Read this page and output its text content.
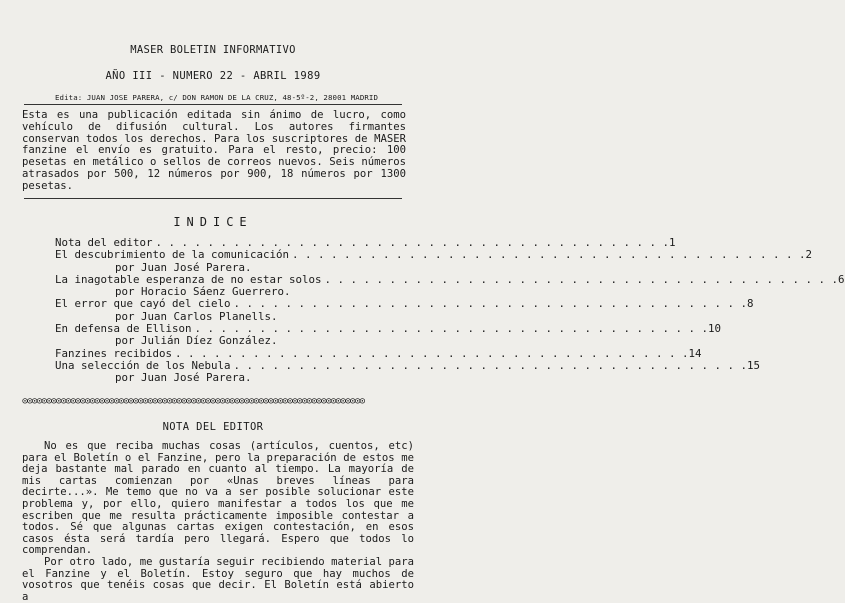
MASER BOLETIN INFORMATIVO
AÑO III - NUMERO 22 - ABRIL 1989
Edita: JUAN JOSE PARERA, c/ DON RAMON DE LA CRUZ, 48-5º-2, 28001 MADRID

Esta es una publicación editada sin ánimo de lucro, como vehículo de difusión cultural. Los autores firmantes conservan todos los derechos. Para los suscriptores de MASER fanzine el envío es gratuito. Para el resto, precio: 100 pesetas en metálico o sellos de correos nuevos. Seis números atrasados por 500, 12 números por 900, 18 números por 1300 pesetas.

INDICE
Nota del editor . . . . . . . . . . . . . . . . . . . . . . . . . . . . . . . . . . . . . . . . 1
El descubrimiento de la comunicación . . . . . . . . . . . . . . . . . . . . . . . . . . . . . . . . . . . . . . . . 2
por Juan José Parera.
La inagotable esperanza de no estar solos . . . . . . . . . . . . . . . . . . . . . . . . . . . . . . . . . . . . . . . . 6
por Horacio Sáenz Guerrero.
El error que cayó del cielo . . . . . . . . . . . . . . . . . . . . . . . . . . . . . . . . . . . . . . . . 8
por Juan Carlos Planells.
En defensa de Ellison . . . . . . . . . . . . . . . . . . . . . . . . . . . . . . . . . . . . . . . . 10
por Julián Díez González.
Fanzines recibidos . . . . . . . . . . . . . . . . . . . . . . . . . . . . . . . . . . . . . . . . 14
Una selección de los Nebula . . . . . . . . . . . . . . . . . . . . . . . . . . . . . . . . . . . . . . . . 15
por Juan José Parera.
⊙⊙⊙⊙⊙⊙⊙⊙⊙⊙⊙⊙⊙⊙⊙⊙⊙⊙⊙⊙⊙⊙⊙⊙⊙⊙⊙⊙⊙⊙⊙⊙⊙⊙⊙⊙⊙⊙⊙⊙⊙⊙⊙⊙⊙⊙⊙⊙⊙⊙⊙⊙⊙⊙⊙⊙⊙⊙⊙⊙⊙⊙⊙⊙⊙⊙⊙⊙⊙⊙⊙
NOTA DEL EDITOR

No es que reciba muchas cosas (artículos, cuentos, etc) para el Boletín o el Fanzine, pero la preparación de estos me deja bastante mal parado en cuanto al tiempo. La mayoría de mis cartas comienzan por «Unas breves líneas para decirte...». Me temo que no va a ser posible solucionar este problema y, por ello, quiero manifestar a todos los que me escriben que me resulta prácticamente imposible contestar a todos. Sé que algunas cartas exigen contestación, en esos casos ésta será tardía pero llegará. Espero que todos lo comprendan.

Por otro lado, me gustaría seguir recibiendo material para el Fanzine y el Boletín. Estoy seguro que hay muchos de vosotros que tenéis cosas que decir. El Boletín está abierto a
